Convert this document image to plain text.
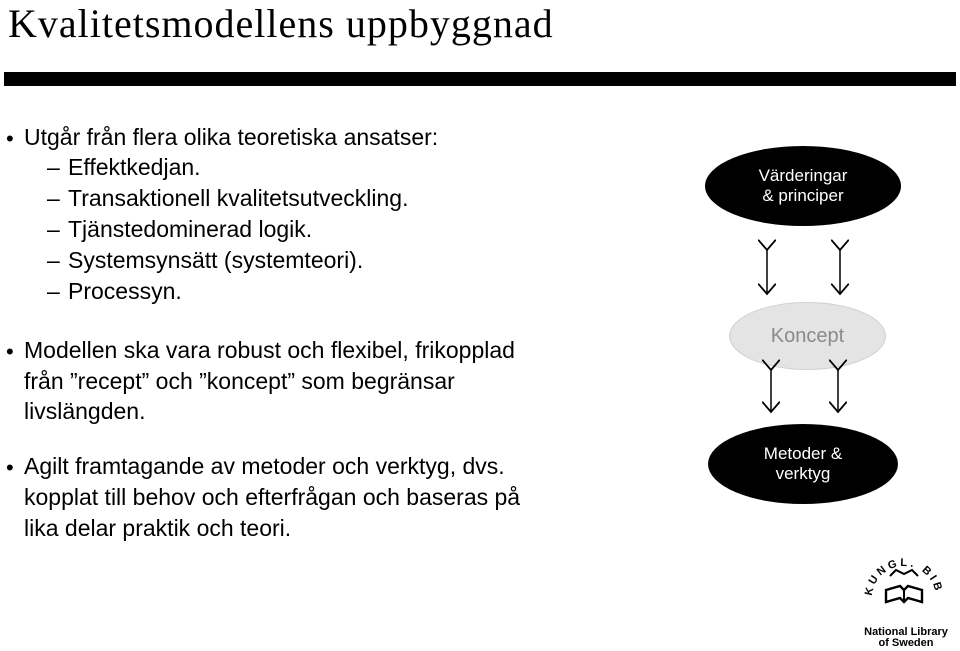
Kvalitetsmodellens uppbyggnad
• Utgår från flera olika teoretiska ansatser:
– Effektkedjan.
– Transaktionell kvalitetsutveckling.
– Tjänstedominerad logik.
– Systemsynsätt (systemteori).
– Processyn.
• Modellen ska vara robust och flexibel, frikopplad
från ”recept” och ”koncept” som begränsar
livslängden.
• Agilt framtagande av metoder och verktyg, dvs.
kopplat till behov och efterfrågan och baseras på
lika delar praktik och teori.
Värderingar
& principer
Koncept
Metoder &
verktyg
KUNGL. BIB
National Library
of Sweden
